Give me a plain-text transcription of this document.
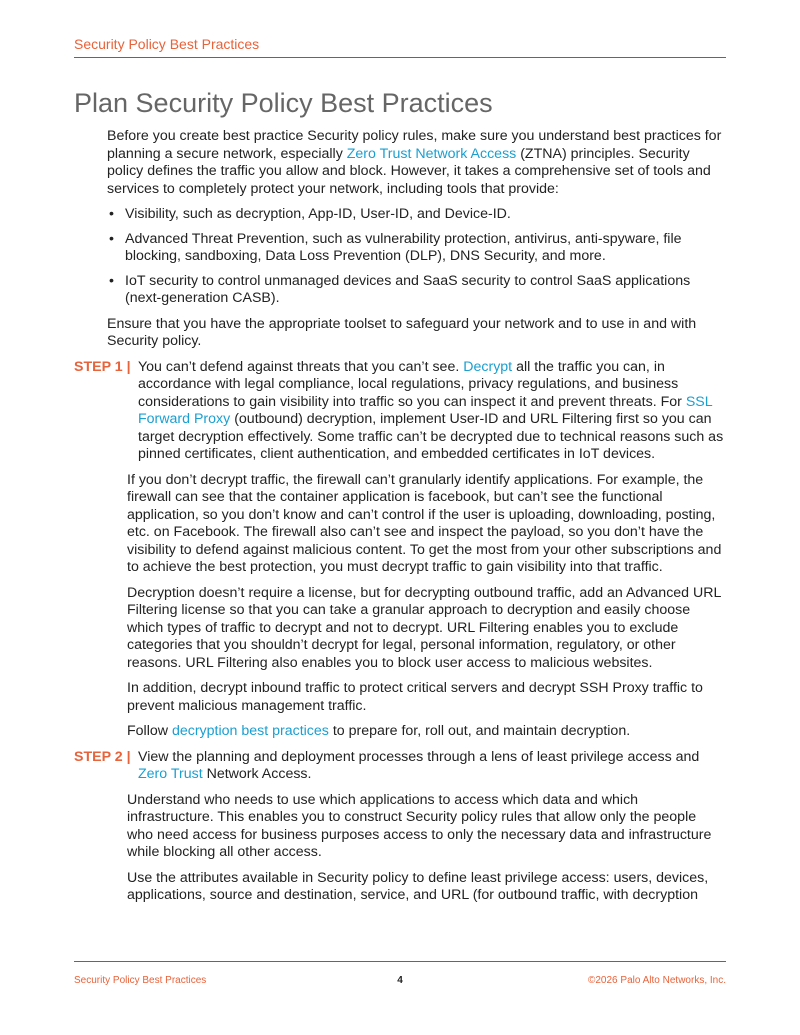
Security Policy Best Practices
Plan Security Policy Best Practices

Before you create best practice Security policy rules, make sure you understand best practices for planning a secure network, especially Zero Trust Network Access (ZTNA) principles. Security policy defines the traffic you allow and block. However, it takes a comprehensive set of tools and services to completely protect your network, including tools that provide:

• Visibility, such as decryption, App-ID, User-ID, and Device-ID.
• Advanced Threat Prevention, such as vulnerability protection, antivirus, anti-spyware, file blocking, sandboxing, Data Loss Prevention (DLP), DNS Security, and more.
• IoT security to control unmanaged devices and SaaS security to control SaaS applications (next-generation CASB).

Ensure that you have the appropriate toolset to safeguard your network and to use in and with Security policy.

STEP 1 | You can’t defend against threats that you can’t see. Decrypt all the traffic you can, in accordance with legal compliance, local regulations, privacy regulations, and business considerations to gain visibility into traffic so you can inspect it and prevent threats. For SSL Forward Proxy (outbound) decryption, implement User-ID and URL Filtering first so you can target decryption effectively. Some traffic can’t be decrypted due to technical reasons such as pinned certificates, client authentication, and embedded certificates in IoT devices.

If you don’t decrypt traffic, the firewall can’t granularly identify applications. For example, the firewall can see that the container application is facebook, but can’t see the functional application, so you don’t know and can’t control if the user is uploading, downloading, posting, etc. on Facebook. The firewall also can’t see and inspect the payload, so you don’t have the visibility to defend against malicious content. To get the most from your other subscriptions and to achieve the best protection, you must decrypt traffic to gain visibility into that traffic.

Decryption doesn’t require a license, but for decrypting outbound traffic, add an Advanced URL Filtering license so that you can take a granular approach to decryption and easily choose which types of traffic to decrypt and not to decrypt. URL Filtering enables you to exclude categories that you shouldn’t decrypt for legal, personal information, regulatory, or other reasons. URL Filtering also enables you to block user access to malicious websites.

In addition, decrypt inbound traffic to protect critical servers and decrypt SSH Proxy traffic to prevent malicious management traffic.

Follow decryption best practices to prepare for, roll out, and maintain decryption.

STEP 2 | View the planning and deployment processes through a lens of least privilege access and Zero Trust Network Access.

Understand who needs to use which applications to access which data and which infrastructure. This enables you to construct Security policy rules that allow only the people who need access for business purposes access to only the necessary data and infrastructure while blocking all other access.

Use the attributes available in Security policy to define least privilege access: users, devices, applications, source and destination, service, and URL (for outbound traffic, with decryption

Security Policy Best Practices	4	©2026 Palo Alto Networks, Inc.
